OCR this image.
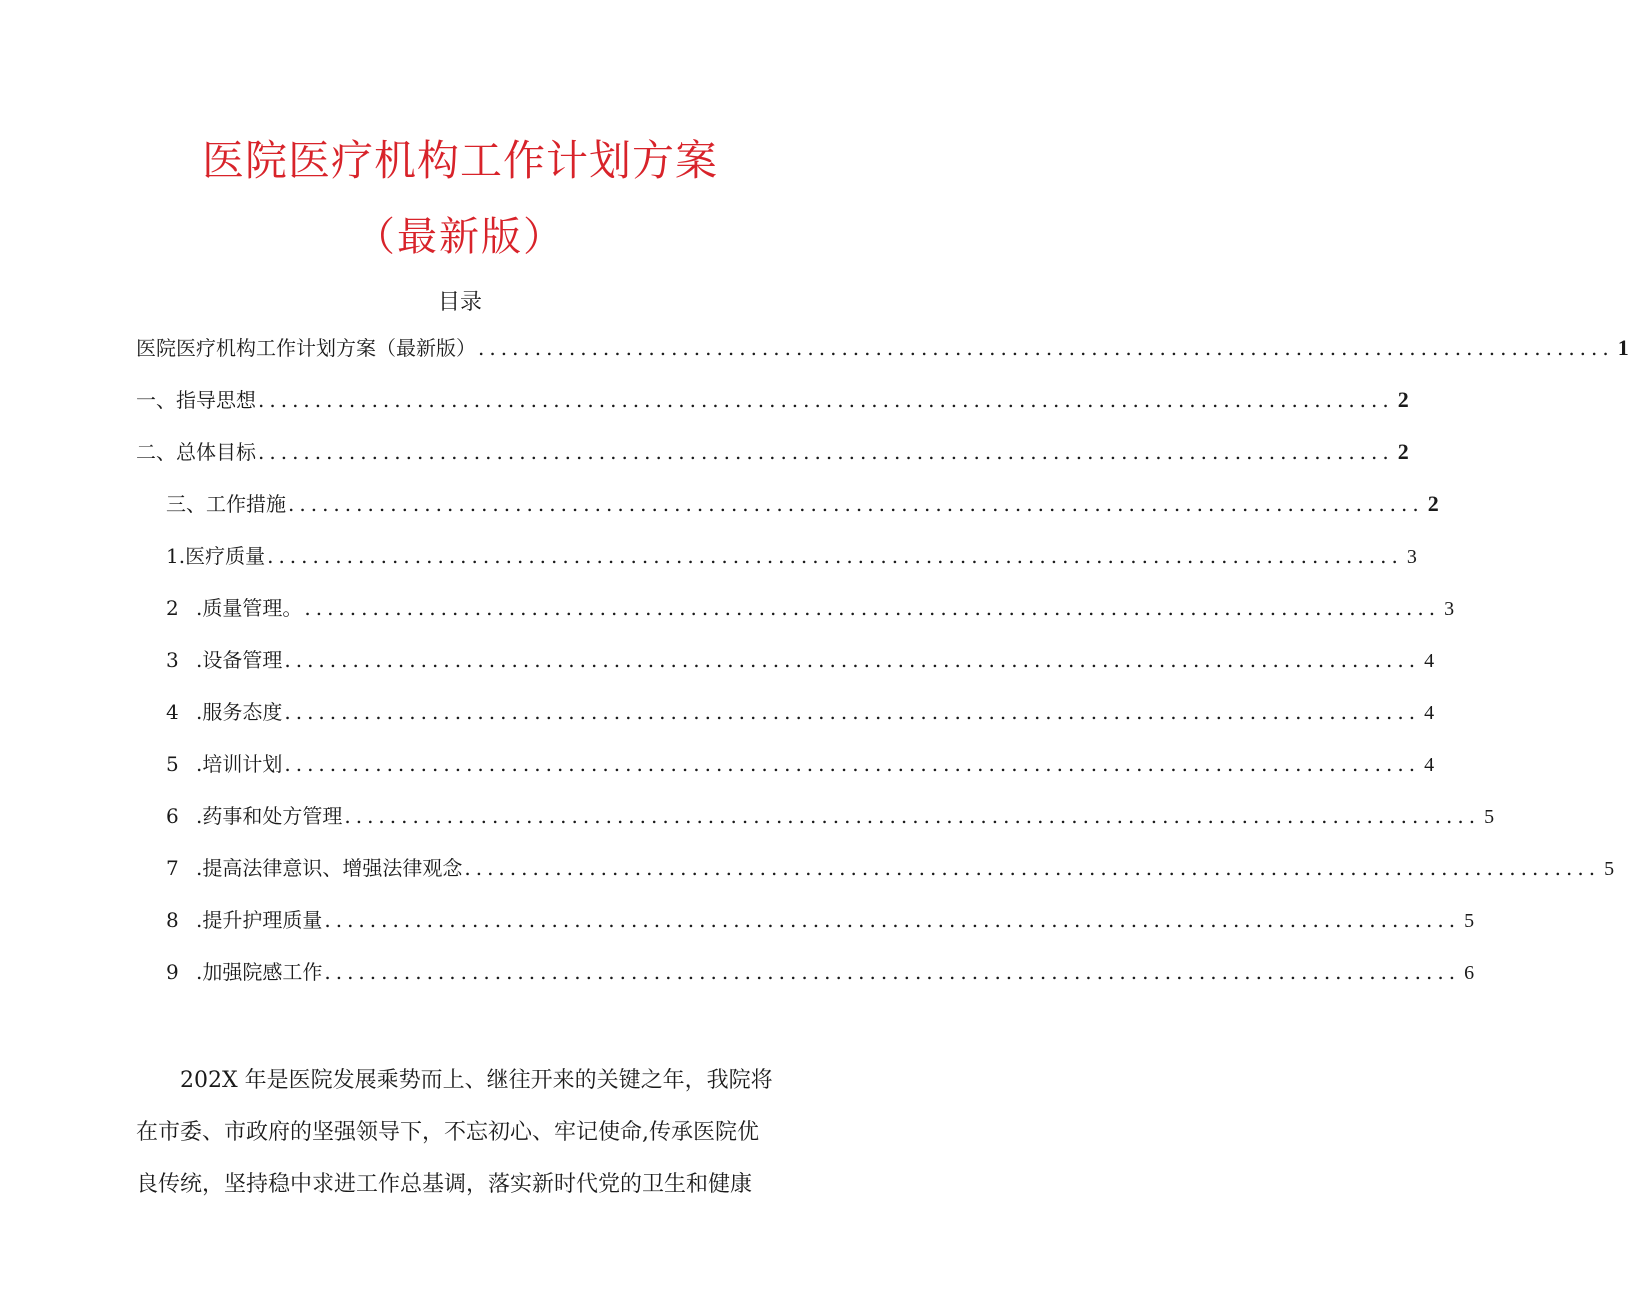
医院医疗机构工作计划方案
（最新版）
目录
医院医疗机构工作计划方案（最新版） .................................................................................................... 1
一、指导思想 .................................................................................................... 2
二、总体目标 .................................................................................................... 2
三、工作措施 .................................................................................................... 2
1.医疗质量 .................................................................................................... 3
2 .质量管理。 .................................................................................................... 3
3 .设备管理 .................................................................................................... 4
4 .服务态度 .................................................................................................... 4
5 .培训计划 .................................................................................................... 4
6 .药事和处方管理 .................................................................................................... 5
7 .提高法律意识、增强法律观念 .................................................................................................... 5
8 .提升护理质量 .................................................................................................... 5
9 .加强院感工作 .................................................................................................... 6
202X 年是医院发展乘势而上、继往开来的关键之年，我院将
在市委、市政府的坚强领导下，不忘初心、牢记使命,传承医院优
良传统，坚持稳中求进工作总基调，落实新时代党的卫生和健康
